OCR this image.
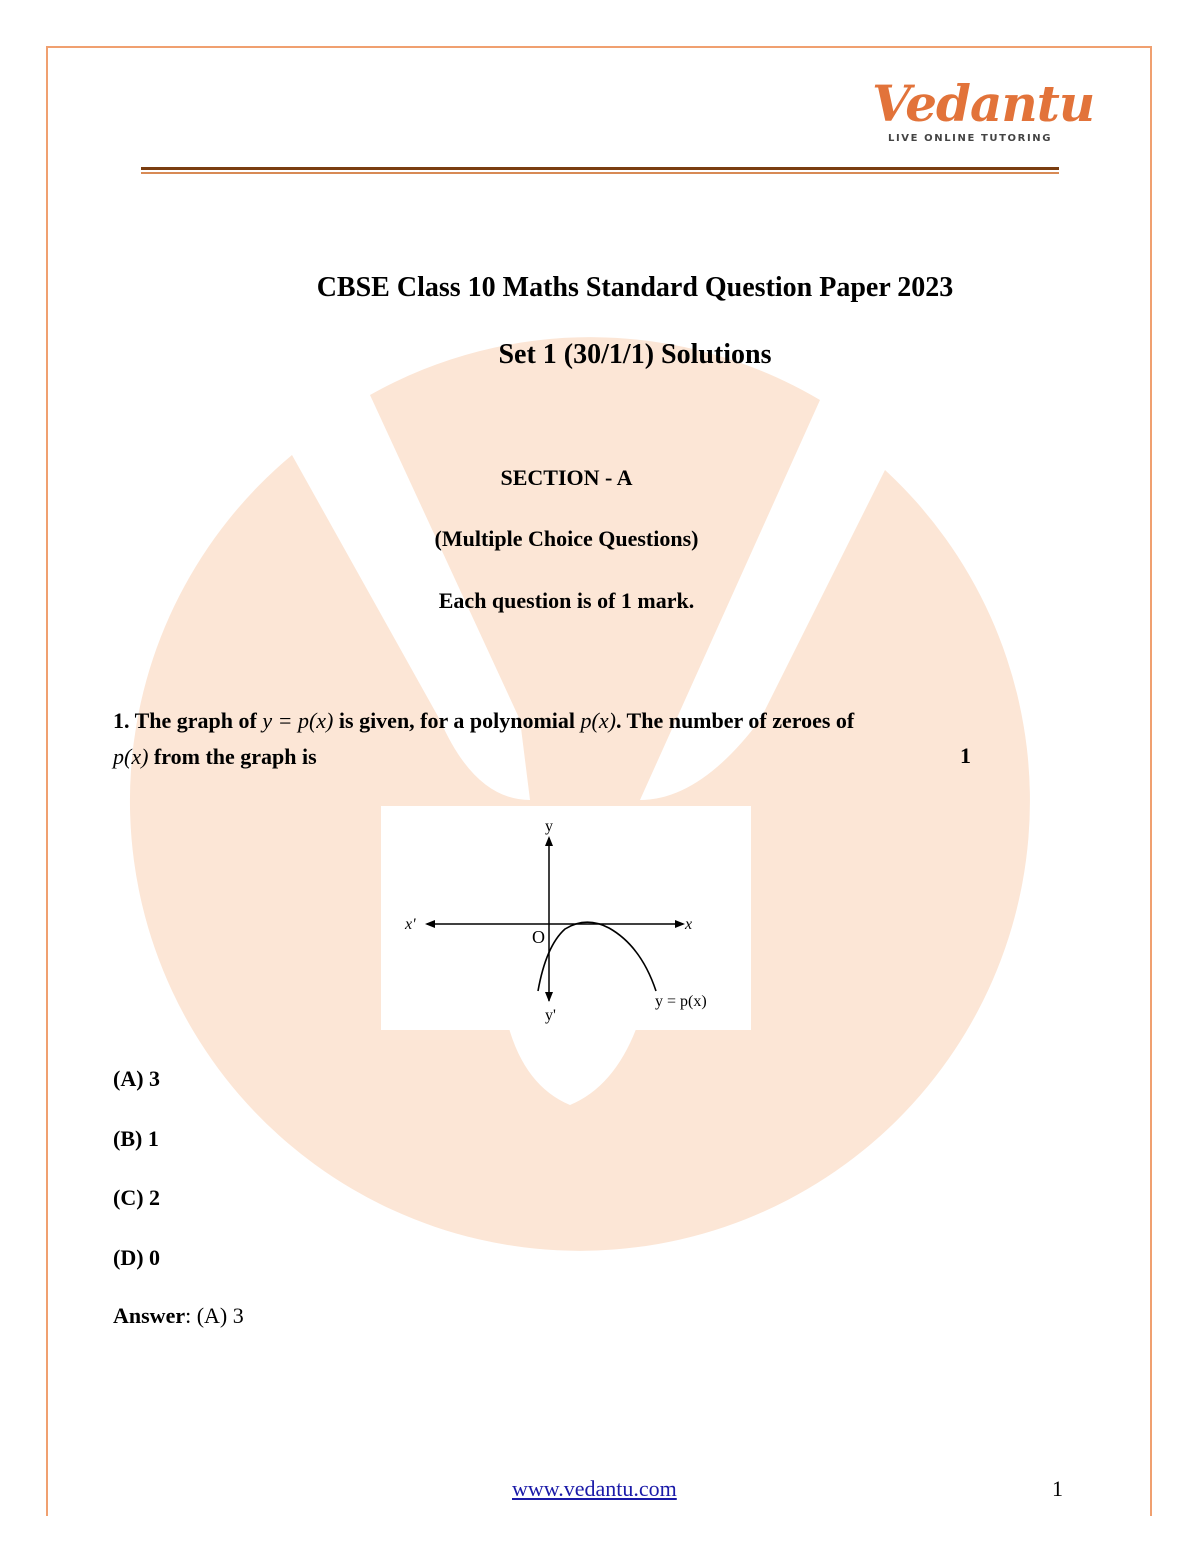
Vedantu
LIVE ONLINE TUTORING
CBSE Class 10 Maths Standard Question Paper 2023
Set 1 (30/1/1) Solutions
SECTION - A
(Multiple Choice Questions)
Each question is of 1 mark.
1. The graph of y = p(x) is given, for a polynomial p(x). The number of zeroes of
p(x) from the graph is	1
y
y'
x
x'
O
y = p(x)
(A) 3
(B) 1
(C) 2
(D) 0
Answer: (A) 3
www.vedantu.com	1
